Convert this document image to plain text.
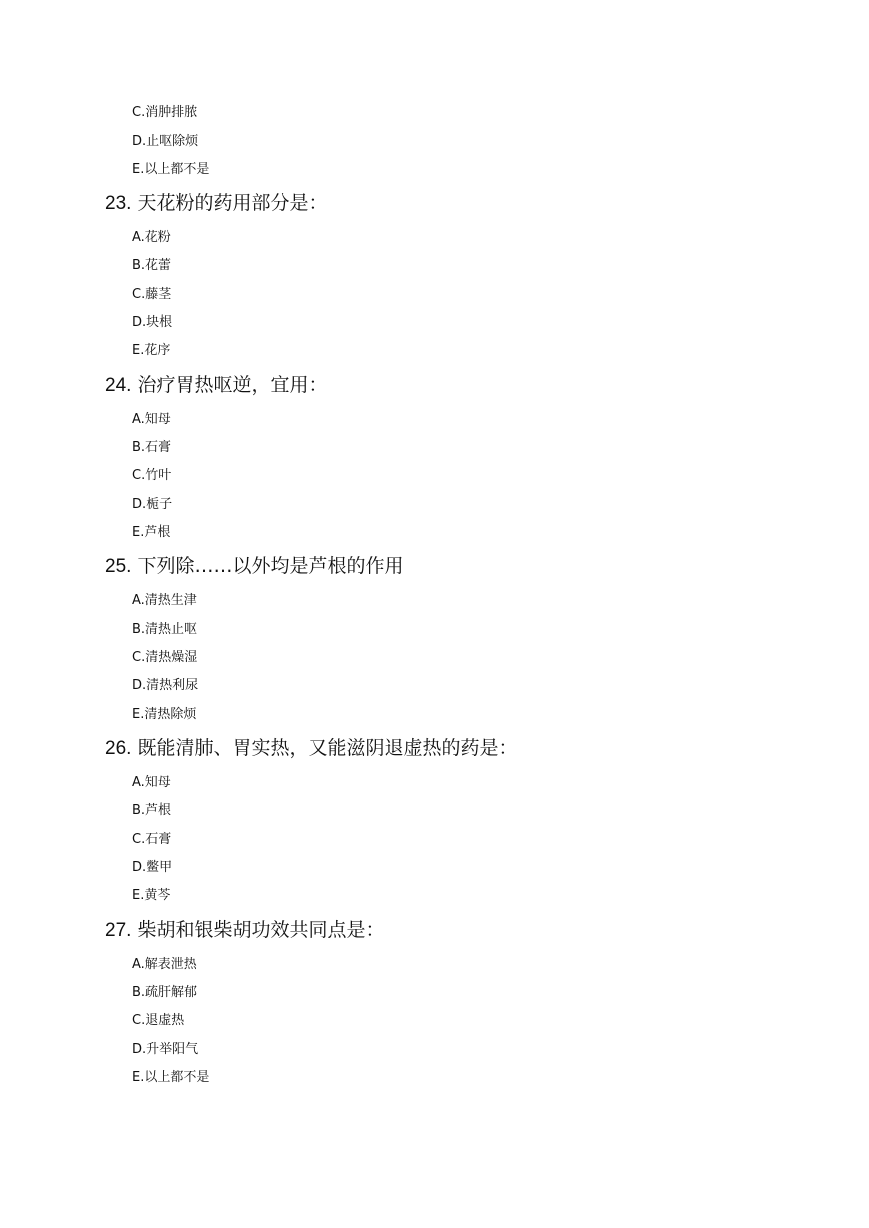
C.消肿排脓
D.止呕除烦
E.以上都不是
23. 天花粉的药用部分是：
A.花粉
B.花蕾
C.藤茎
D.块根
E.花序
24. 治疗胃热呕逆，宜用：
A.知母
B.石膏
C.竹叶
D.栀子
E.芦根
25. 下列除……以外均是芦根的作用
A.清热生津
B.清热止呕
C.清热燥湿
D.清热利尿
E.清热除烦
26. 既能清肺、胃实热，又能滋阴退虚热的药是：
A.知母
B.芦根
C.石膏
D.鳖甲
E.黄芩
27. 柴胡和银柴胡功效共同点是：
A.解表泄热
B.疏肝解郁
C.退虚热
D.升举阳气
E.以上都不是
